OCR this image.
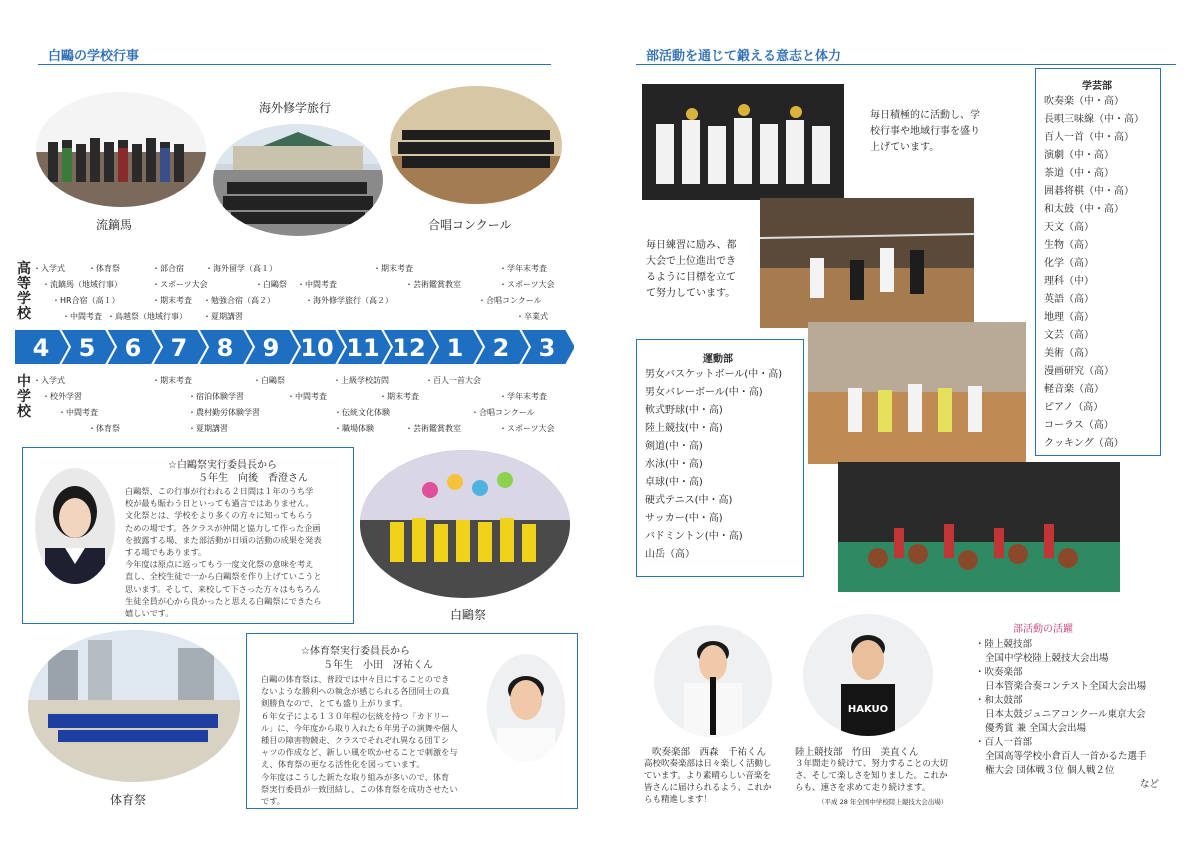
白鷗の学校行事
流鏑馬
海外修学旅行
合唱コンクール
高等学校
中学校
・入学式	・体育祭	・部合宿	・海外留学（高１）	・期末考査	・学年末考査
・流鏑馬（地域行事）	・スポーツ大会	・白鷗祭 ・中間考査	・芸術鑑賞教室	・スポーツ大会
・HR合宿（高１）	・期末考査 ・勉強合宿（高２）	・海外修学旅行（高２）	・合唱コンクール
・中間考査 ・鳥越祭（地域行事） ・夏期講習	・卒業式
4 5 6 7 8 9 10 11 12 1 2 3
・入学式	・期末考査	・白鷗祭	・上級学校訪問	・百人一首大会
・校外学習	・宿泊体験学習	・中間考査	・期末考査	・学年末考査
・中間考査	・農村勤労体験学習	・伝統文化体験	・合唱コンクール
・体育祭	・夏期講習	・職場体験	・芸術鑑賞教室	・スポーツ大会
☆白鷗祭実行委員長から
５年生　向後　香澄さん
白鷗祭、この行事が行われる２日間は１年のうち学
校が最も賑わう日といっても過言ではありません。
文化祭とは、学校をより多くの方々に知ってもらう
ための場です。各クラスが仲間と協力して作った企画
を披露する場、また部活動が日頃の活動の成果を発表
する場でもあります。
今年度は原点に返ってもう一度文化祭の意味を考え
直し、全校生徒で一から白鷗祭を作り上げていこうと
思います。そして、来校して下さった方々はもちろん
生徒全員が心から良かったと思える白鷗祭にできたら
嬉しいです。	白鷗祭
体育祭
☆体育祭実行委員長から
５年生　小田　冴祐くん
白鷗の体育祭は、普段では中々目にすることのでき
ないような勝利への執念が感じられる各団同士の真
剣勝負なので、とても盛り上がります。
６年女子による１３０年程の伝統を持つ「カドリー
ル」に、今年度から取り入れた６年男子の演舞や個人
種目の障害物競走、クラスでそれぞれ異なる団Ｔシ
ャツの作成など、新しい風を吹かせることで刺激を与
え、体育祭の更なる活性化を図っています。
今年度はこうした新たな取り組みが多いので、体育
祭実行委員が一致団結し、この体育祭を成功させたい
です。
部活動を通じて鍛える意志と体力
毎日積極的に活動し、学
校行事や地域行事を盛り
上げています。
毎日練習に励み、都
大会で上位進出でき
るように目標を立て
て努力しています。
運動部
男女バスケットボール(中・高)
男女バレーボール(中・高)
軟式野球(中・高)
陸上競技(中・高)
剣道(中・高)
水泳(中・高)
卓球(中・高)
硬式テニス(中・高)
サッカー(中・高)
バドミントン(中・高)
山岳（高）
学芸部
吹奏楽（中・高）
長唄三味線（中・高）
百人一首（中・高）
演劇（中・高）
茶道（中・高）
囲碁将棋（中・高）
和太鼓（中・高）
天文（高）
生物（高）
化学（高）
理科（中）
英語（高）
地理（高）
文芸（高）
美術（高）
漫画研究（高）
軽音楽（高）
ピアノ（高）
コーラス（高）
クッキング（高）
吹奏楽部　西森　千祐くん
高校吹奏楽部は日々楽しく活動し
ています。より素晴らしい音楽を
皆さんに届けられるよう、これか
らも精進します！
HAKUO
陸上競技部　竹田　美直くん
３年間走り続けて、努力することの大切
さ、そして楽しさを知りました。これか
らも、速さを求めて走り続けます。
（平成 28 年全国中学校陸上競技大会出場）
部活動の活躍
・陸上競技部
全国中学校陸上競技大会出場
・吹奏楽部
日本管楽合奏コンテスト全国大会出場
・和太鼓部
日本太鼓ジュニアコンクール東京大会
優秀賞 兼 全国大会出場
・百人一首部
全国高等学校小倉百人一首かるた選手
権大会 団体戦３位 個人戦２位
など
